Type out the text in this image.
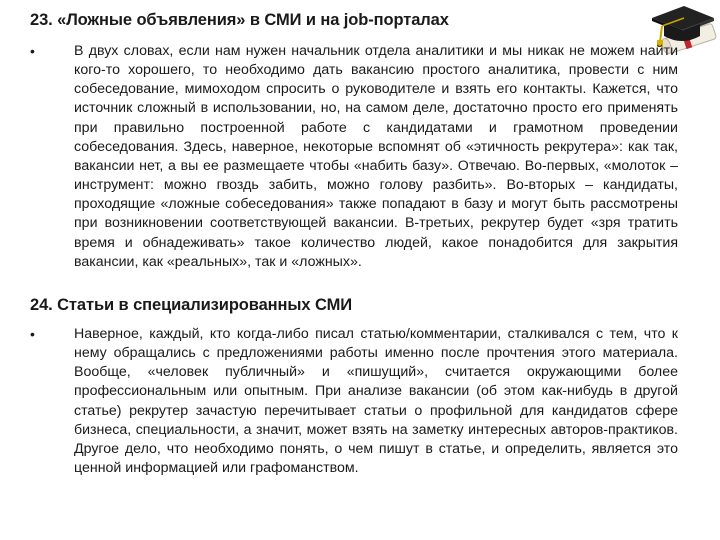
23. «Ложные объявления» в СМИ и на job-порталах
•	В двух словах, если нам нужен начальник отдела аналитики и мы никак не можем найти кого-то хорошего, то необходимо дать вакансию простого аналитика, провести с ним собеседование, мимоходом спросить о руководителе и взять его контакты. Кажется, что источник сложный в использовании, но, на самом деле, достаточно просто его применять при правильно построенной работе с кандидатами и грамотном проведении собеседования. Здесь, наверное, некоторые вспомнят об «этичность рекрутера»: как так, вакансии нет, а вы ее размещаете чтобы «набить базу». Отвечаю. Во-первых, «молоток – инструмент: можно гвоздь забить, можно голову разбить». Во-вторых – кандидаты, проходящие «ложные собеседования» также попадают в базу и могут быть рассмотрены при возникновении соответствующей вакансии. В-третьих, рекрутер будет «зря тратить время и обнадеживать» такое количество людей, какое понадобится для закрытия вакансии, как «реальных», так и «ложных».

24. Статьи в специализированных СМИ
•	Наверное, каждый, кто когда-либо писал статью/комментарии, сталкивался с тем, что к нему обращались с предложениями работы именно после прочтения этого материала. Вообще, «человек публичный» и «пишущий», считается окружающими более профессиональным или опытным. При анализе вакансии (об этом как-нибудь в другой статье) рекрутер зачастую перечитывает статьи о профильной для кандидатов сфере бизнеса, специальности, а значит, может взять на заметку интересных авторов-практиков. Другое дело, что необходимо понять, о чем пишут в статье, и определить, является это ценной информацией или графоманством.
